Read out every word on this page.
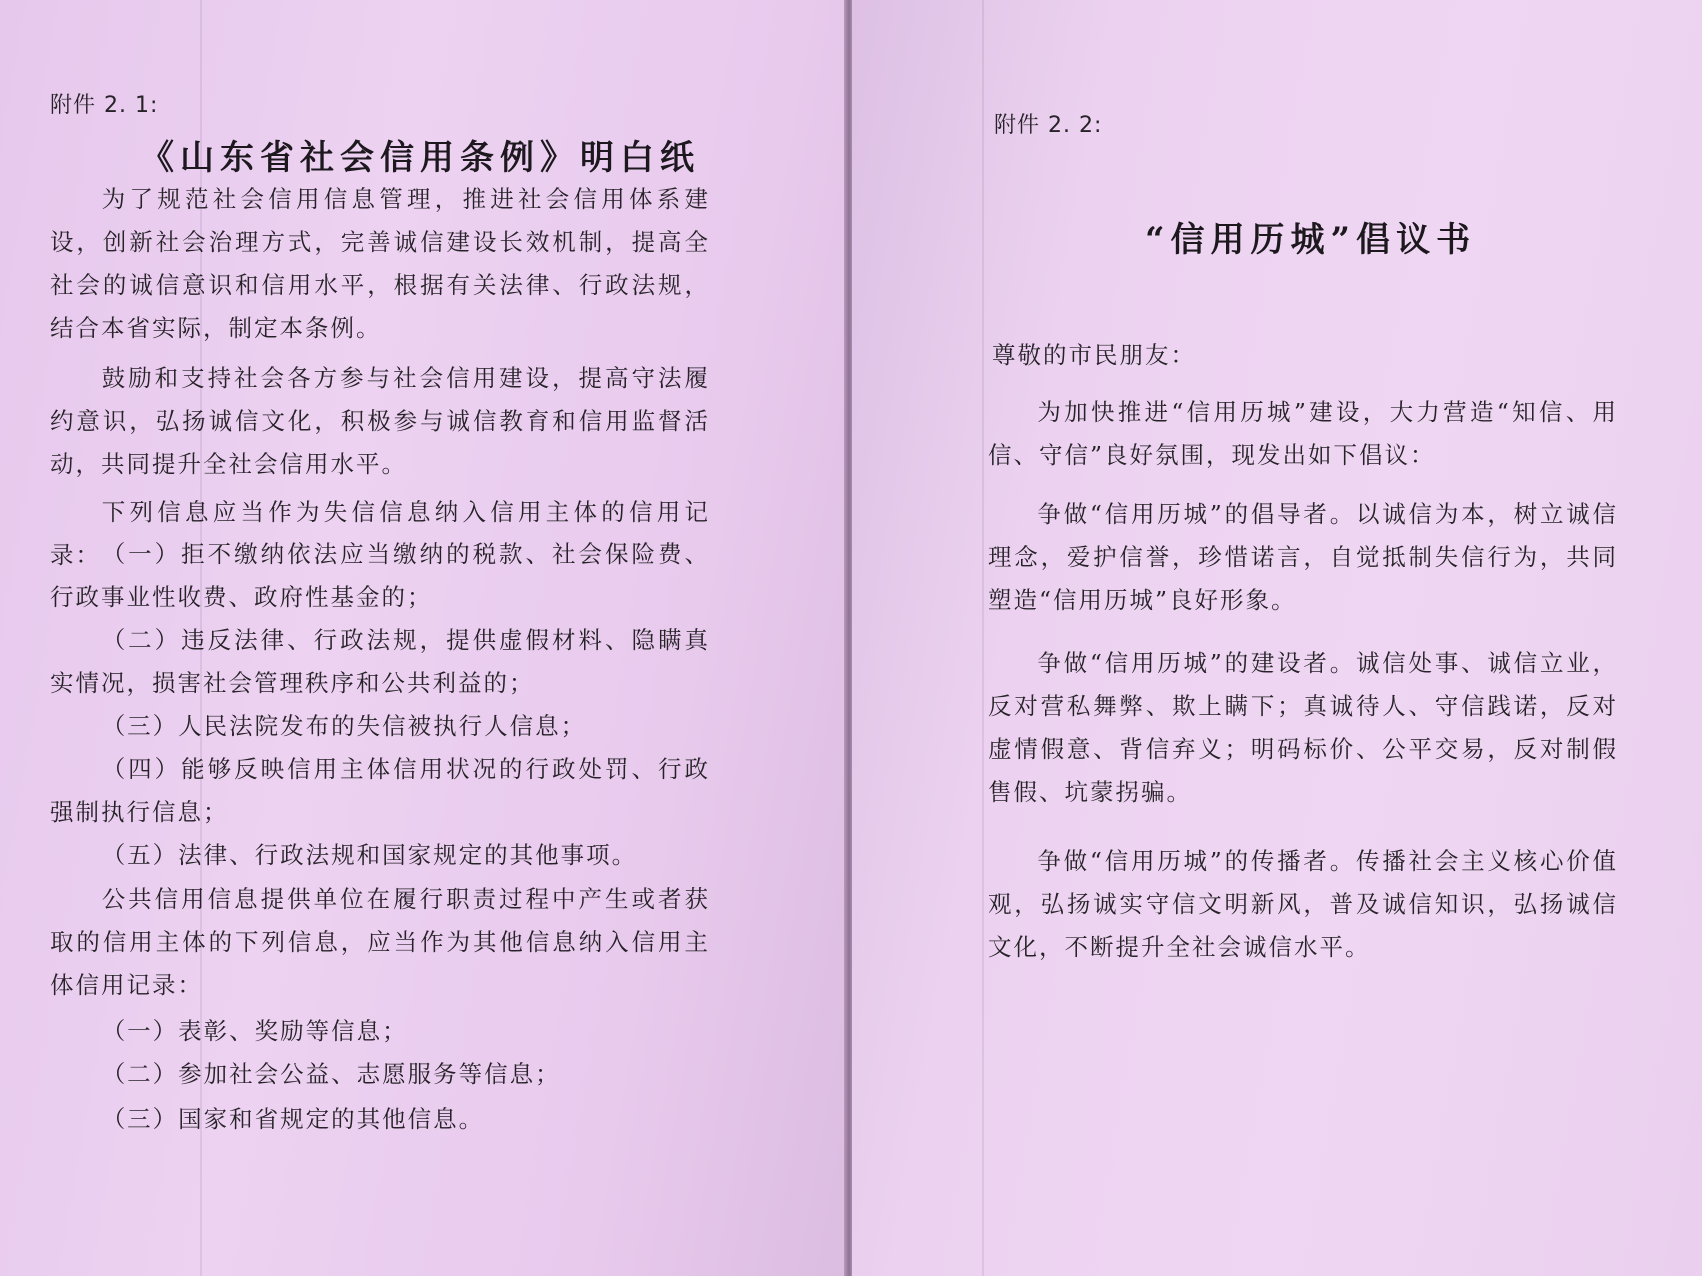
附件 2. 1:
《山东省社会信用条例》明白纸

为了规范社会信用信息管理，推进社会信用体系建设，创新社会治理方式，完善诚信建设长效机制，提高全社会的诚信意识和信用水平，根据有关法律、行政法规，结合本省实际，制定本条例。

鼓励和支持社会各方参与社会信用建设，提高守法履约意识，弘扬诚信文化，积极参与诚信教育和信用监督活动，共同提升全社会信用水平。

下列信息应当作为失信信息纳入信用主体的信用记录： （一）拒不缴纳依法应当缴纳的税款、社会保险费、行政事业性收费、政府性基金的；

（二）违反法律、行政法规，提供虚假材料、隐瞒真实情况，损害社会管理秩序和公共利益的；

（三）人民法院发布的失信被执行人信息；

（四）能够反映信用主体信用状况的行政处罚、行政强制执行信息；

（五）法律、行政法规和国家规定的其他事项。

公共信用信息提供单位在履行职责过程中产生或者获取的信用主体的下列信息，应当作为其他信息纳入信用主体信用记录：

（一）表彰、奖励等信息；

（二）参加社会公益、志愿服务等信息；

（三）国家和省规定的其他信息。

附件 2. 2:
“信用历城”倡议书

尊敬的市民朋友：

为加快推进“信用历城”建设，大力营造“知信、用信、守信”良好氛围，现发出如下倡议：

争做“信用历城”的倡导者。以诚信为本，树立诚信理念，爱护信誉，珍惜诺言，自觉抵制失信行为，共同塑造“信用历城”良好形象。

争做“信用历城”的建设者。诚信处事、诚信立业，反对营私舞弊、欺上瞒下；真诚待人、守信践诺，反对虚情假意、背信弃义；明码标价、公平交易，反对制假售假、坑蒙拐骗。

争做“信用历城”的传播者。传播社会主义核心价值观，弘扬诚实守信文明新风，普及诚信知识，弘扬诚信文化，不断提升全社会诚信水平。
